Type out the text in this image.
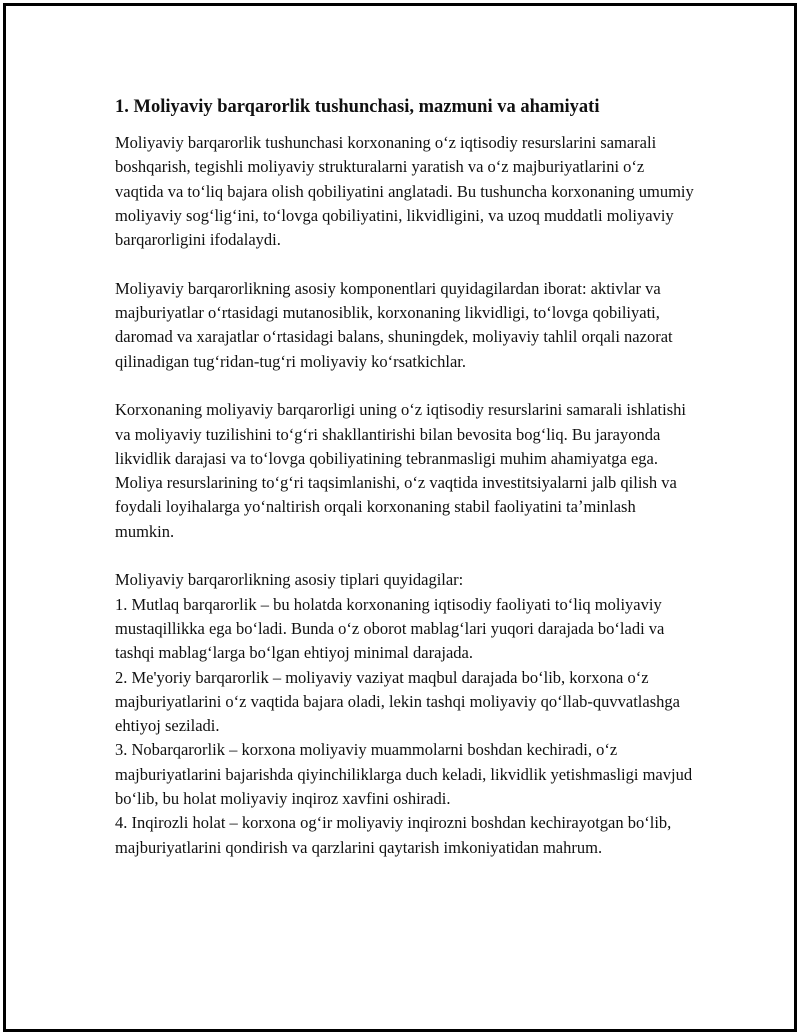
1. Moliyaviy barqarorlik tushunchasi, mazmuni va ahamiyati

Moliyaviy barqarorlik tushunchasi korxonaning oʻz iqtisodiy resurslarini samarali boshqarish, tegishli moliyaviy strukturalarni yaratish va oʻz majburiyatlarini oʻz vaqtida va toʻliq bajara olish qobiliyatini anglatadi. Bu tushuncha korxonaning umumiy moliyaviy sogʻligʻini, toʻlovga qobiliyatini, likvidligini, va uzoq muddatli moliyaviy barqarorligini ifodalaydi.

Moliyaviy barqarorlikning asosiy komponentlari quyidagilardan iborat: aktivlar va majburiyatlar oʻrtasidagi mutanosiblik, korxonaning likvidligi, toʻlovga qobiliyati, daromad va xarajatlar oʻrtasidagi balans, shuningdek, moliyaviy tahlil orqali nazorat qilinadigan tugʻridan-tugʻri moliyaviy koʻrsatkichlar.

Korxonaning moliyaviy barqarorligi uning oʻz iqtisodiy resurslarini samarali ishlatishi va moliyaviy tuzilishini toʻgʻri shakllantirishi bilan bevosita bogʻliq. Bu jarayonda likvidlik darajasi va toʻlovga qobiliyatining tebranmasligi muhim ahamiyatga ega. Moliya resurslarining toʻgʻri taqsimlanishi, oʻz vaqtida investitsiyalarni jalb qilish va foydali loyihalarga yoʻnaltirish orqali korxonaning stabil faoliyatini taʼminlash mumkin.

Moliyaviy barqarorlikning asosiy tiplari quyidagilar:

1. Mutlaq barqarorlik – bu holatda korxonaning iqtisodiy faoliyati toʻliq moliyaviy mustaqillikka ega boʻladi. Bunda oʻz oborot mablagʻlari yuqori darajada boʻladi va tashqi mablagʻlarga boʻlgan ehtiyoj minimal darajada.

2. Me'yoriy barqarorlik – moliyaviy vaziyat maqbul darajada boʻlib, korxona oʻz majburiyatlarini oʻz vaqtida bajara oladi, lekin tashqi moliyaviy qoʻllab-quvvatlashga ehtiyoj seziladi.

3. Nobarqarorlik – korxona moliyaviy muammolarni boshdan kechiradi, oʻz majburiyatlarini bajarishda qiyinchiliklarga duch keladi, likvidlik yetishmasligi mavjud boʻlib, bu holat moliyaviy inqiroz xavfini oshiradi.

4. Inqirozli holat – korxona ogʻir moliyaviy inqirozni boshdan kechirayotgan boʻlib, majburiyatlarini qondirish va qarzlarini qaytarish imkoniyatidan mahrum.
